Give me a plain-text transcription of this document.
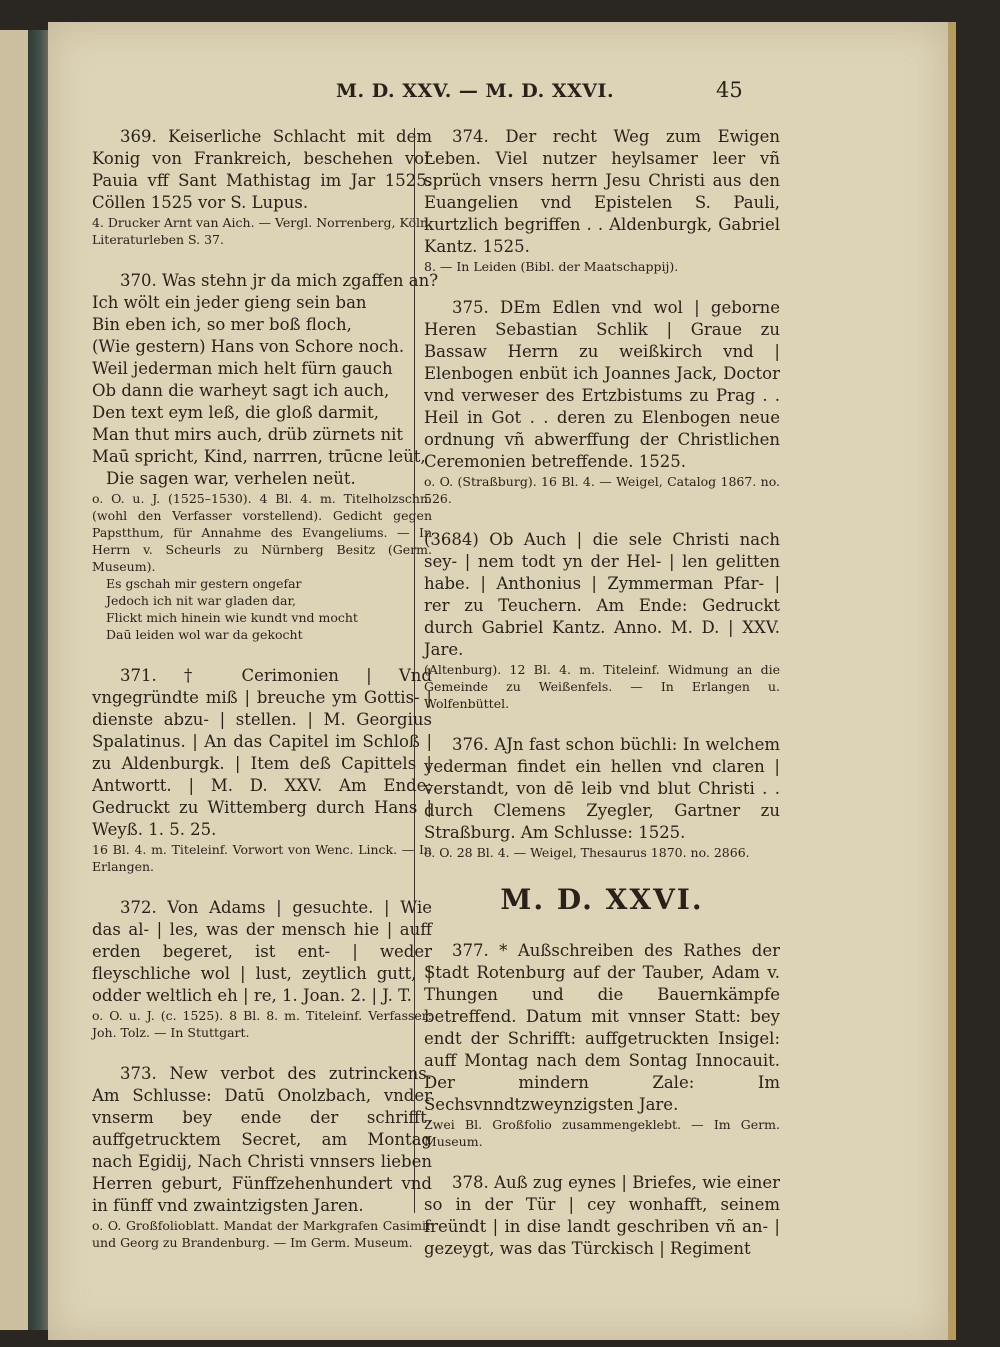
M. D. XXV. — M. D. XXVI.	45

369. Keiserliche Schlacht mit dem Konig von Frankreich, beschehen vor Pauia vff Sant Mathistag im Jar 1525. Cöllen 1525 vor S. Lupus.

4. Drucker Arnt van Aich. — Vergl. Norrenberg, Köln. Literaturleben S. 37.

370. Was stehn jr da mich zgaffen an?
Ich wölt ein jeder gieng sein ban
Bin eben ich, so mer boß floch,
(Wie gestern) Hans von Schore noch.
Weil jederman mich helt fürn gauch
Ob dann die warheyt sagt ich auch,
Den text eym leß, die gloß darmit,
Man thut mirs auch, drüb zürnets nit
Maū spricht, Kind, narrren, trūcne leüt,
Die sagen war, verhelen neüt.

o. O. u. J. (1525–1530). 4 Bl. 4. m. Titelholzschn. (wohl den Verfasser vorstellend). Gedicht gegen Papstthum, für Annahme des Evangeliums. — In Herrn v. Scheurls zu Nürnberg Besitz (Germ. Museum).

Es gschah mir gestern ongefar
Jedoch ich nit war gladen dar,
Flickt mich hinein wie kundt vnd mocht
Daū leiden wol war da gekocht

371. † Cerimonien | Vnd vngegründte miß | breuche ym Gottis- | dienste abzu- | stellen. | M. Georgius Spalatinus. | An das Capitel im Schloß | zu Aldenburgk. | Item deß Capittels | Antwortt. | M. D. XXV. Am Ende: Gedruckt zu Wittemberg durch Hans | Weyß. 1. 5. 25.

16 Bl. 4. m. Titeleinf. Vorwort von Wenc. Linck. — In Erlangen.

372. Von Adams | gesuchte. | Wie das al- | les, was der mensch hie | auff erden begeret, ist ent- | weder fleyschliche wol | lust, zeytlich gutt, | odder weltlich eh | re, 1. Joan. 2. | J. T.

o. O. u. J. (c. 1525). 8 Bl. 8. m. Titeleinf. Verfasser: Joh. Tolz. — In Stuttgart.

373. New verbot des zutrinckens. Am Schlusse: Datū Onolzbach, vnder vnserm bey ende der schrifft, auffgetrucktem Secret, am Montag nach Egidij, Nach Christi vnnsers lieben Herren geburt, Fünffzehenhundert vnd in fünff vnd zwaintzigsten Jaren.

o. O. Großfolioblatt. Mandat der Markgrafen Casimir und Georg zu Brandenburg. — Im Germ. Museum.

374. Der recht Weg zum Ewigen Leben. Viel nutzer heylsamer leer vñ sprüch vnsers herrn Jesu Christi aus den Euangelien vnd Epistelen S. Pauli, kurtzlich begriffen . . Aldenburgk, Gabriel Kantz. 1525.

8. — In Leiden (Bibl. der Maatschappij).

375. DEm Edlen vnd wol | geborne Heren Sebastian Schlik | Graue zu Bassaw Herrn zu weißkirch vnd | Elenbogen enbüt ich Joannes Jack, Doctor vnd verweser des Ertzbistums zu Prag . . Heil in Got . . deren zu Elenbogen neue ordnung vñ abwerffung der Christlichen Ceremonien betreffende. 1525.

o. O. (Straßburg). 16 Bl. 4. — Weigel, Catalog 1867. no. 526.

(3684) Ob Auch | die sele Christi nach sey- | nem todt yn der Hel- | len gelitten habe. | Anthonius | Zymmerman Pfar- | rer zu Teuchern. Am Ende: Gedruckt durch Gabriel Kantz. Anno. M. D. | XXV. Jare.

(Altenburg). 12 Bl. 4. m. Titeleinf. Widmung an die Gemeinde zu Weißenfels. — In Erlangen u. Wolfenbüttel.

376. AJn fast schon büchli: In welchem yederman findet ein hellen vnd claren | verstandt, von dē leib vnd blut Christi . . durch Clemens Zyegler, Gartner zu Straßburg. Am Schlusse: 1525.

o. O. 28 Bl. 4. — Weigel, Thesaurus 1870. no. 2866.

M. D. XXVI.

377. * Außschreiben des Rathes der Stadt Rotenburg auf der Tauber, Adam v. Thungen und die Bauernkämpfe betreffend. Datum mit vnnser Statt: bey endt der Schrifft: auffgetruckten Insigel: auff Montag nach dem Sontag Innocauit. Der mindern Zale: Im Sechsvnndtzweynzigsten Jare.

Zwei Bl. Großfolio zusammengeklebt. — Im Germ. Museum.

378. Auß zug eynes | Briefes, wie einer so in der Tür | cey wonhafft, seinem freündt | in dise landt geschriben vñ an- | gezeygt, was das Türckisch | Regiment
